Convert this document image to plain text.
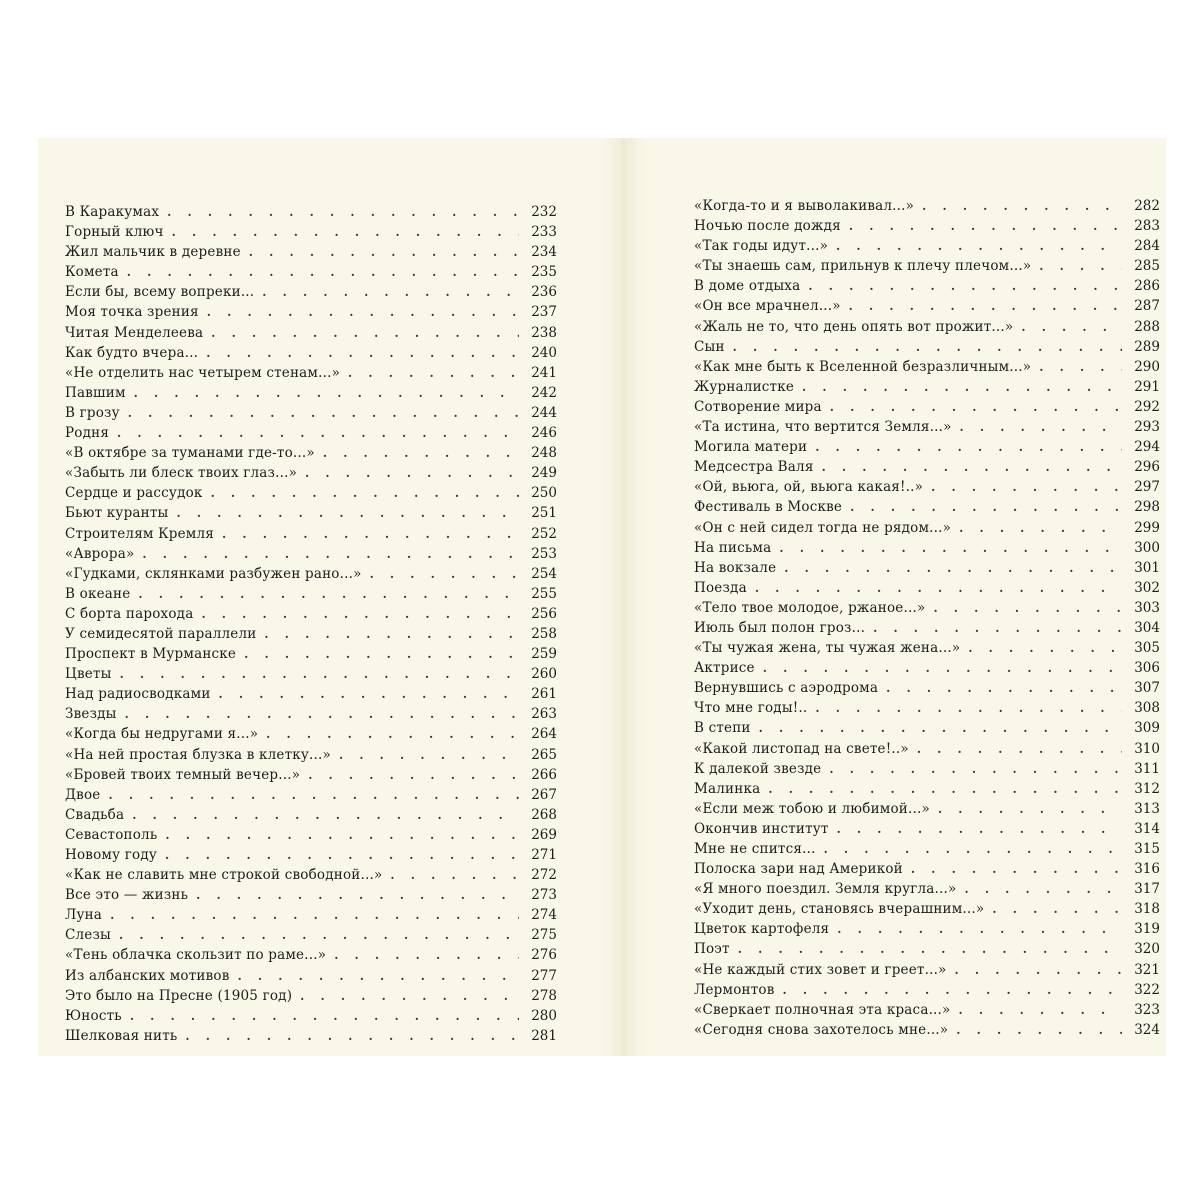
В Каракумах . . .	232
Горный ключ . . .	233
Жил мальчик в деревне . . .	234
Комета . . .	235
Если бы, всему вопреки... . . .	236
Моя точка зрения . . .	237
Читая Менделеева . . .	238
Как будто вчера... . . .	240
«Не отделить нас четырем стенам...» . . .	241
Павшим . . .	242
В грозу . . .	244
Родня . . .	246
«В октябре за туманами где-то...» . . .	248
«Забыть ли блеск твоих глаз...» . . .	249
Сердце и рассудок . . .	250
Бьют куранты . . .	251
Строителям Кремля . . .	252
«Аврора» . . .	253
«Гудками, склянками разбужен рано...» . . .	254
В океане . . .	255
С борта парохода . . .	256
У семидесятой параллели . . .	258
Проспект в Мурманске . . .	259
Цветы . . .	260
Над радиосводками . . .	261
Звезды . . .	263
«Когда бы недругами я...» . . .	264
«На ней простая блузка в клетку...» . . .	265
«Бровей твоих темный вечер...» . . .	266
Двое . . .	267
Свадьба . . .	268
Севастополь . . .	269
Новому году . . .	271
«Как не славить мне строкой свободной...» . . .	272
Все это — жизнь . . .	273
Луна . . .	274
Слезы . . .	275
«Тень облачка скользит по раме...» . . .	276
Из албанских мотивов . . .	277
Это было на Пресне (1905 год) . . .	278
Юность . . .	280
Шелковая нить . . .	281
«Когда-то и я выволакивал...» . . .	282
Ночью после дождя . . .	283
«Так годы идут...» . . .	284
«Ты знаешь сам, прильнув к плечу плечом...» . . .	285
В доме отдыха . . .	286
«Он все мрачнел...» . . .	287
«Жаль не то, что день опять вот прожит...» . . .	288
Сын . . .	289
«Как мне быть к Вселенной безразличным...» . . .	290
Журналистке . . .	291
Сотворение мира . . .	292
«Та истина, что вертится Земля...» . . .	293
Могила матери . . .	294
Медсестра Валя . . .	296
«Ой, вьюга, ой, вьюга какая!..» . . .	297
Фестиваль в Москве . . .	298
«Он с ней сидел тогда не рядом...» . . .	299
На письма . . .	300
На вокзале . . .	301
Поезда . . .	302
«Тело твое молодое, ржаное...» . . .	303
Июль был полон гроз... . . .	304
«Ты чужая жена, ты чужая жена...» . . .	305
Актрисе . . .	306
Вернувшись с аэродрома . . .	307
Что мне годы!.. . . .	308
В степи . . .	309
«Какой листопад на свете!..» . . .	310
К далекой звезде . . .	311
Малинка . . .	312
«Если меж тобою и любимой...» . . .	313
Окончив институт . . .	314
Мне не спится... . . .	315
Полоска зари над Америкой . . .	316
«Я много поездил. Земля кругла...» . . .	317
«Уходит день, становясь вчерашним...» . . .	318
Цветок картофеля . . .	319
Поэт . . .	320
«Не каждый стих зовет и греет...» . . .	321
Лермонтов . . .	322
«Сверкает полночная эта краса...» . . .	323
«Сегодня снова захотелось мне...» . . .	324
